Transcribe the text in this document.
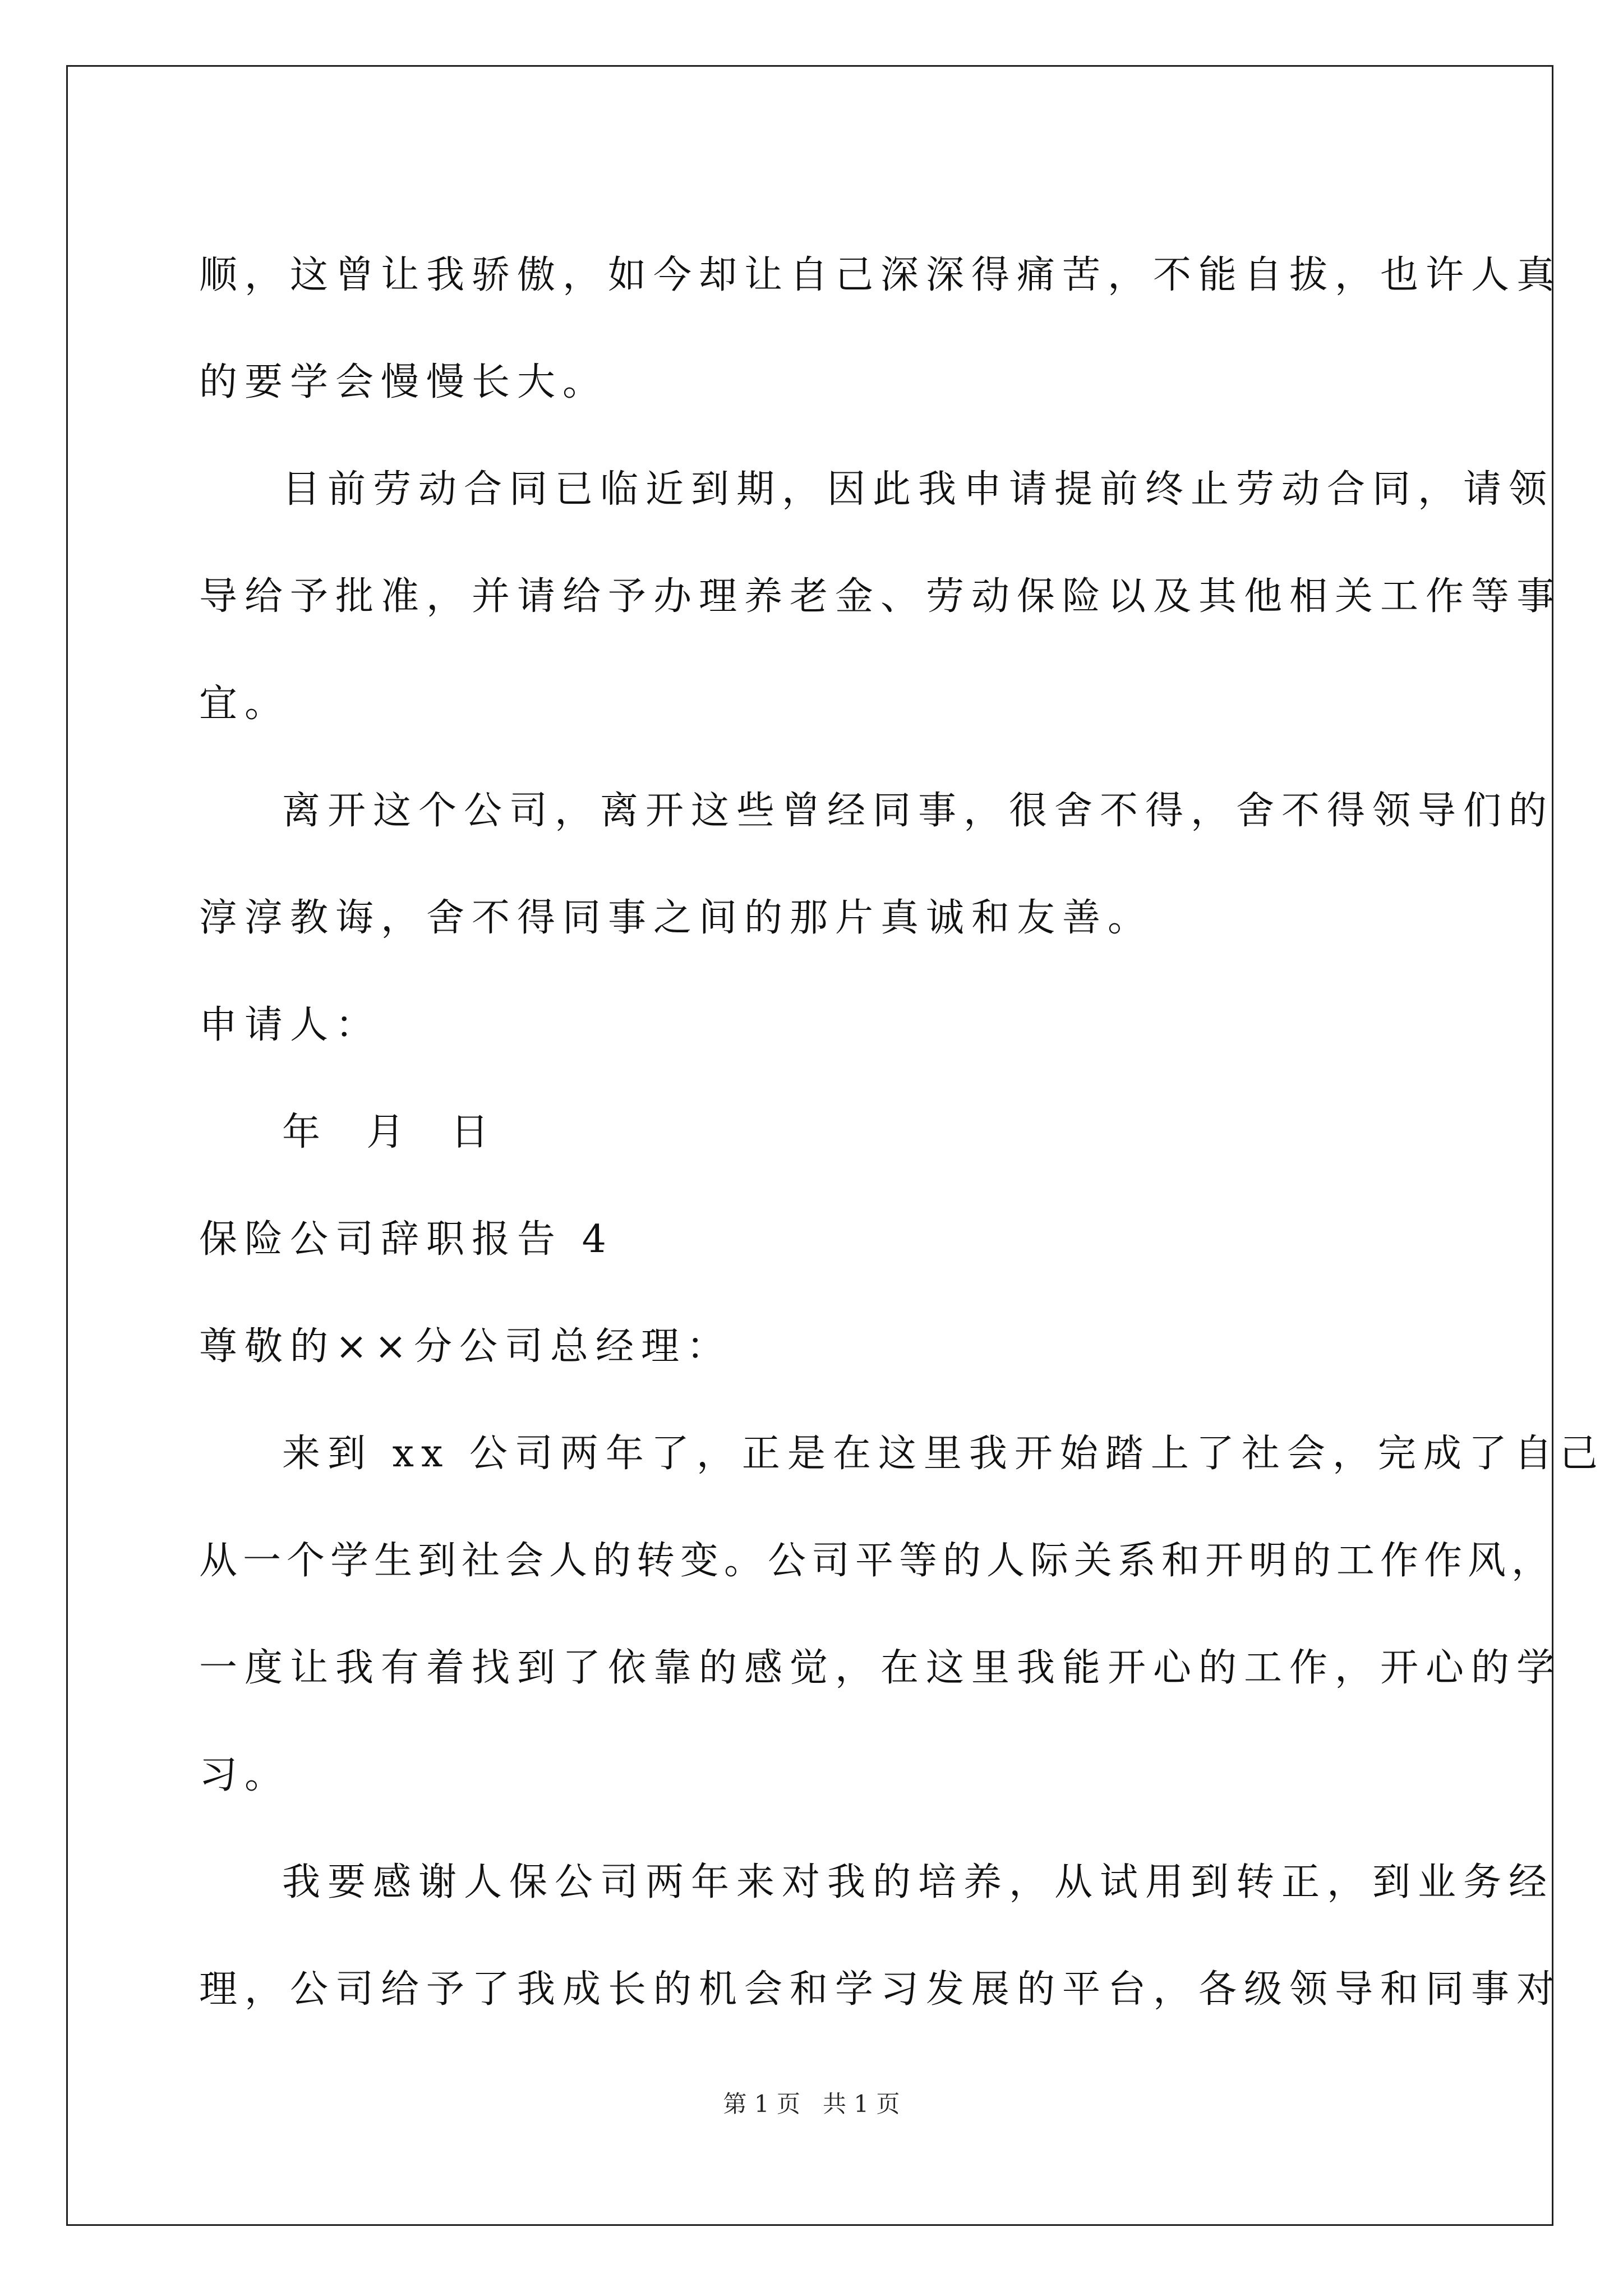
顺，这曾让我骄傲，如今却让自己深深得痛苦，不能自拔，也许人真

的要学会慢慢长大。

目前劳动合同已临近到期，因此我申请提前终止劳动合同，请领

导给予批准，并请给予办理养老金、劳动保险以及其他相关工作等事

宜。

离开这个公司，离开这些曾经同事，很舍不得，舍不得领导们的

淳淳教诲，舍不得同事之间的那片真诚和友善。

申请人：

年  月  日

保险公司辞职报告 4

尊敬的××分公司总经理：

来到 xx 公司两年了，正是在这里我开始踏上了社会，完成了自己

从一个学生到社会人的转变。公司平等的人际关系和开明的工作作风，

一度让我有着找到了依靠的感觉，在这里我能开心的工作，开心的学

习。

我要感谢人保公司两年来对我的培养，从试用到转正，到业务经

理，公司给予了我成长的机会和学习发展的平台，各级领导和同事对

第 1 页   共 1 页
